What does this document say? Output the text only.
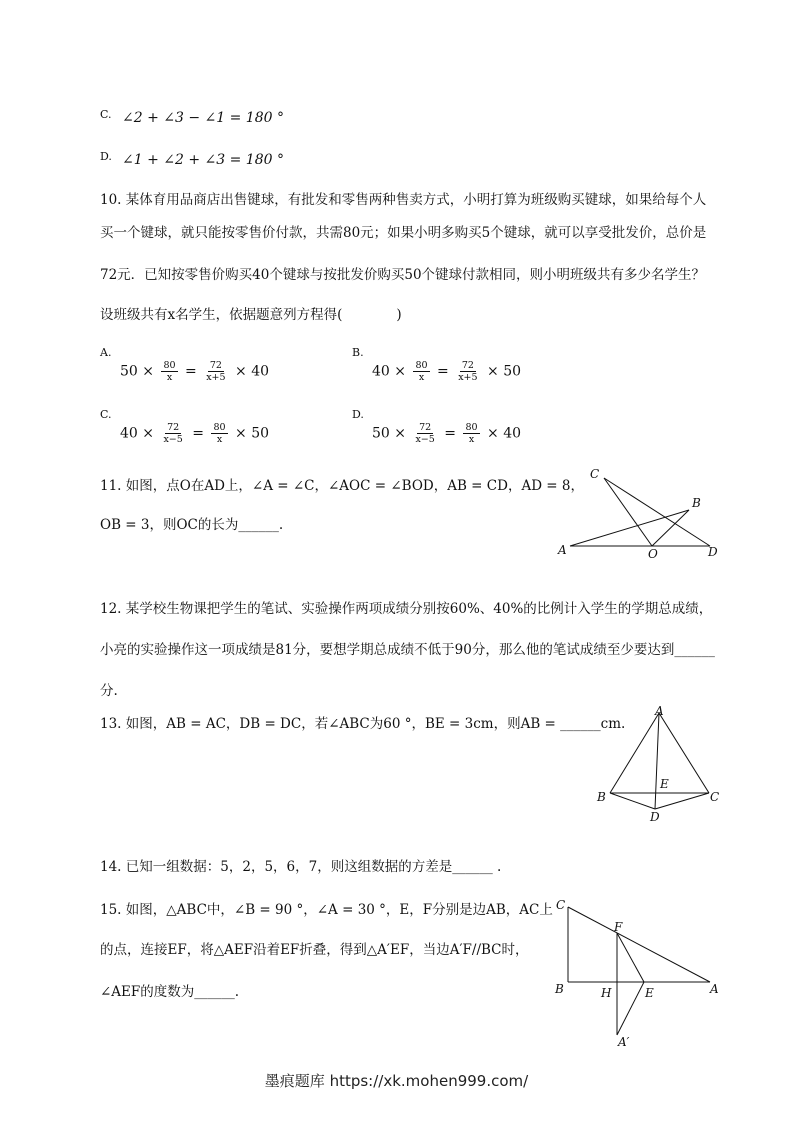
C. ∠2 + ∠3 − ∠1 = 180 °
D. ∠1 + ∠2 + ∠3 = 180 °
10. 某体育用品商店出售键球，有批发和零售两种售卖方式，小明打算为班级购买键球，如果给每个人
买一个键球，就只能按零售价付款，共需80元；如果小明多购买5个键球，就可以享受批发价，总价是
72元．已知按零售价购买40个键球与按批发价购买50个键球付款相同，则小明班级共有多少名学生？
设班级共有x名学生，依据题意列方程得(　　　　)
A.
$50 \times \frac{80}{x} = \frac{72}{x+5} \times 40$
B.
$40 \times \frac{80}{x} = \frac{72}{x+5} \times 50$
C.
$40 \times \frac{72}{x-5} = \frac{80}{x} \times 50$
D.
$50 \times \frac{72}{x-5} = \frac{80}{x} \times 40$
11. 如图，点O在AD上，∠A = ∠C，∠AOC = ∠BOD，AB = CD，AD = 8，
OB = 3，则OC的长为______.
C
B
A	O	D
12. 某学校生物课把学生的笔试、实验操作两项成绩分别按60%、40%的比例计入学生的学期总成绩，
小亮的实验操作这一项成绩是81分，要想学期总成绩不低于90分，那么他的笔试成绩至少要达到______
分.
13. 如图，AB = AC，DB = DC，若∠ABC为60 °，BE = 3cm，则AB = ______cm.
A
E
B	C
D
14. 已知一组数据：5，2，5，6，7，则这组数据的方差是______ .
15. 如图，△ABC中，∠B = 90 °，∠A = 30 °，E，F分别是边AB，AC上
的点，连接EF，将△AEF沿着EF折叠，得到△A′EF，当边A′F//BC时，
∠AEF的度数为______.
C
F
B	H	E	A
A′
墨痕题库 https://xk.mohen999.com/
